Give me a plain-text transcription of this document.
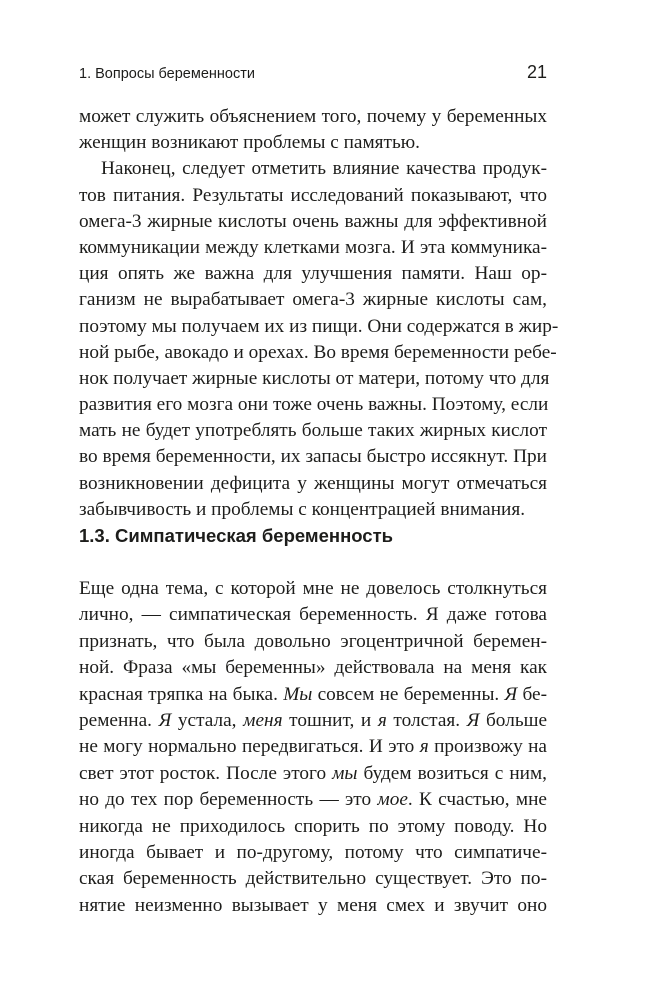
1. Вопросы беременности	21
может служить объяснением того, почему у беременных
женщин возникают проблемы с памятью.
Наконец, следует отметить влияние качества продук-
тов питания. Результаты исследований показывают, что
омега-3 жирные кислоты очень важны для эффективной
коммуникации между клетками мозга. И эта коммуника-
ция опять же важна для улучшения памяти. Наш ор-
ганизм не вырабатывает омега-3 жирные кислоты сам,
поэтому мы получаем их из пищи. Они содержатся в жир-
ной рыбе, авокадо и орехах. Во время беременности ребе-
нок получает жирные кислоты от матери, потому что для
развития его мозга они тоже очень важны. Поэтому, если
мать не будет употреблять больше таких жирных кислот
во время беременности, их запасы быстро иссякнут. При
возникновении дефицита у женщины могут отмечаться
забывчивость и проблемы с концентрацией внимания.
1.3. Симпатическая беременность
Еще одна тема, с которой мне не довелось столкнуться
лично, — симпатическая беременность. Я даже готова
признать, что была довольно эгоцентричной беремен-
ной. Фраза «мы беременны» действовала на меня как
красная тряпка на быка. Мы совсем не беременны. Я бе-
ременна. Я устала, меня тошнит, и я толстая. Я больше
не могу нормально передвигаться. И это я произвожу на
свет этот росток. После этого мы будем возиться с ним,
но до тех пор беременность — это мое. К счастью, мне
никогда не приходилось спорить по этому поводу. Но
иногда бывает и по-другому, потому что симпатиче-
ская беременность действительно существует. Это по-
нятие неизменно вызывает у меня смех и звучит оно
